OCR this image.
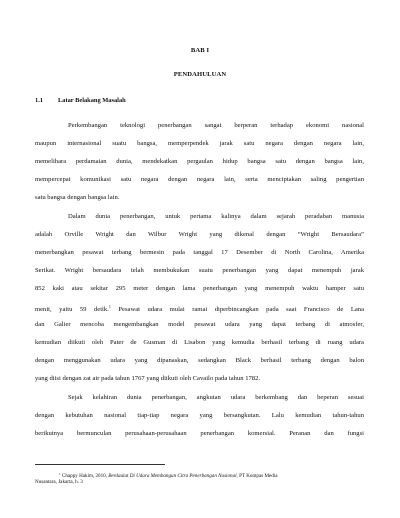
BAB I
PENDAHULUAN
1.1 Latar Belakang Masalah
Perkembangan teknologi penerbangan sangat berperan terhadap ekonomi nasional
maupun internasional suatu bangsa, memperpendek jarak satu negara dengan negara lain,
memelihara perdamaian dunia, mendekatkan pergaulan hidup bangsa satu dengan bangsa lain,
mempercepat komunikasi satu negara dengan negara lain, serta menciptakan saling pengertian
satu bangsa dengan bangsa lain.
Dalam dunia penerbangan, untuk pertama kalinya dalam sejarah peradaban manusia
adalah Orville Wright dan Wilbur Wright yang dikenal dengan “Wright Bersaudara”
menerbangkan pesawat terbang bermesin pada tanggal 17 Desember di North Carolina, Amerika
Serikat. Wright bersaudara telah membukukan suatu penerbangan yang dapat menempuh jarak
852 kaki atau sekitar 295 meter dengan lama penerbangan yang menempuh waktu hamper satu
menit, yaitu 59 detik.$^1$ Pesawat udara mulai ramai diperbincangkan pada saat Francisco de Lana
dan Galier mencoba mengembangkan model pesawat udara yang dapat terbang di atmosfer,
kemudian diikuti oleh Pater de Gusman di Lisabon yang kemudia berhasil terbang di ruang udara
dengan menggunakan udara yang dipanaskan, sedangkan Black berhasil terbang dengan balon
yang diisi dengan zat air pada tahun 1767 yang diikuti oleh Cavailo pada tahun 1782.
Sejak kelahiran dunia penerbangan, angkutan udara berkembang dan beperan sesuai
dengan kebutuhan nasional tiap-tiap negara yang bersangkutan. Lalu kemudian tahun-tahun
berikutnya bermunculan perusahaan-perusahaan penerbangan komersial. Peranan dan fungsi
$^1$ Chappy Hakim, 2010, Berdaulat Di Udara Membangun Citra Penerbangan Nasional, PT Kompas Media
Nusantara, Jakarta, h. 3
